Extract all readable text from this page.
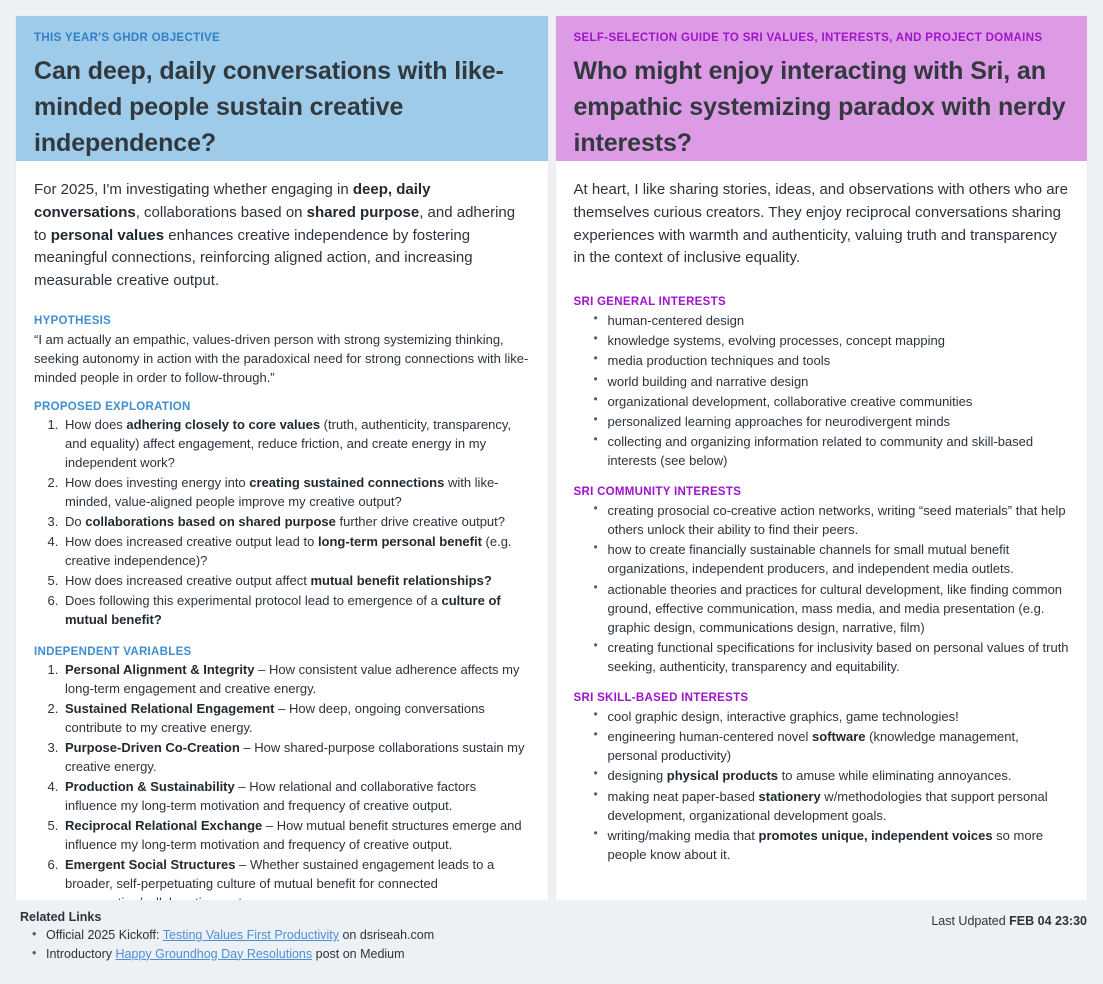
THIS YEAR'S GHDR OBJECTIVE
Can deep, daily conversations with like-minded people sustain creative independence?

For 2025, I'm investigating whether engaging in deep, daily conversations, collaborations based on shared purpose, and adhering to personal values enhances creative independence by fostering meaningful connections, reinforcing aligned action, and increasing measurable creative output.

HYPOTHESIS

“I am actually an empathic, values-driven person with strong systemizing thinking, seeking autonomy in action with the paradoxical need for strong connections with like-minded people in order to follow-through.”

PROPOSED EXPLORATION
1. How does adhering closely to core values (truth, authenticity, transparency, and equality) affect engagement, reduce friction, and create energy in my independent work?
2. How does investing energy into creating sustained connections with like-minded, value-aligned people improve my creative output?
3. Do collaborations based on shared purpose further drive creative output?
4. How does increased creative output lead to long-term personal benefit (e.g. creative independence)?
5. How does increased creative output affect mutual benefit relationships?
6. Does following this experimental protocol lead to emergence of a culture of mutual benefit?
INDEPENDENT VARIABLES
1. Personal Alignment & Integrity – How consistent value adherence affects my long-term engagement and creative energy.
2. Sustained Relational Engagement – How deep, ongoing conversations contribute to my creative energy.
3. Purpose-Driven Co-Creation – How shared-purpose collaborations sustain my creative energy.
4. Production & Sustainability – How relational and collaborative factors influence my long-term motivation and frequency of creative output.
5. Reciprocal Relational Exchange – How mutual benefit structures emerge and influence my long-term motivation and frequency of creative output.
6. Emergent Social Structures – Whether sustained engagement leads to a broader, self-perpetuating culture of mutual benefit for connected
SELF-SELECTION GUIDE TO SRI VALUES, INTERESTS, AND PROJECT DOMAINS
Who might enjoy interacting with Sri, an empathic systemizing paradox with nerdy interests?

At heart, I like sharing stories, ideas, and observations with others who are themselves curious creators. They enjoy reciprocal conversations sharing experiences with warmth and authenticity, valuing truth and transparency in the context of inclusive equality.

SRI GENERAL INTERESTS
• human-centered design
• knowledge systems, evolving processes, concept mapping
• media production techniques and tools
• world building and narrative design
• organizational development, collaborative creative communities
• personalized learning approaches for neurodivergent minds
• collecting and organizing information related to community and skill-based interests (see below)
SRI COMMUNITY INTERESTS
• creating prosocial co-creative action networks, writing “seed materials” that help others unlock their ability to find their peers.
• how to create financially sustainable channels for small mutual benefit organizations, independent producers, and independent media outlets.
• actionable theories and practices for cultural development, like finding common ground, effective communication, mass media, and media presentation (e.g. graphic design, communications design, narrative, film)
• creating functional specifications for inclusivity based on personal values of truth seeking, authenticity, transparency and equitability.
SRI SKILL-BASED INTERESTS
• cool graphic design, interactive graphics, game technologies!
• engineering human-centered novel software (knowledge management, personal productivity)
• designing physical products to amuse while eliminating annoyances.
• making neat paper-based stationery w/methodologies that support personal development, organizational development goals.
• writing/making media that promotes unique, independent voices so more people know about it.
Related Links
• Official 2025 Kickoff: Testing Values First Productivity on dsriseah.com
• Introductory Happy Groundhog Day Resolutions post on Medium
Last Udpated FEB 04 23:30
